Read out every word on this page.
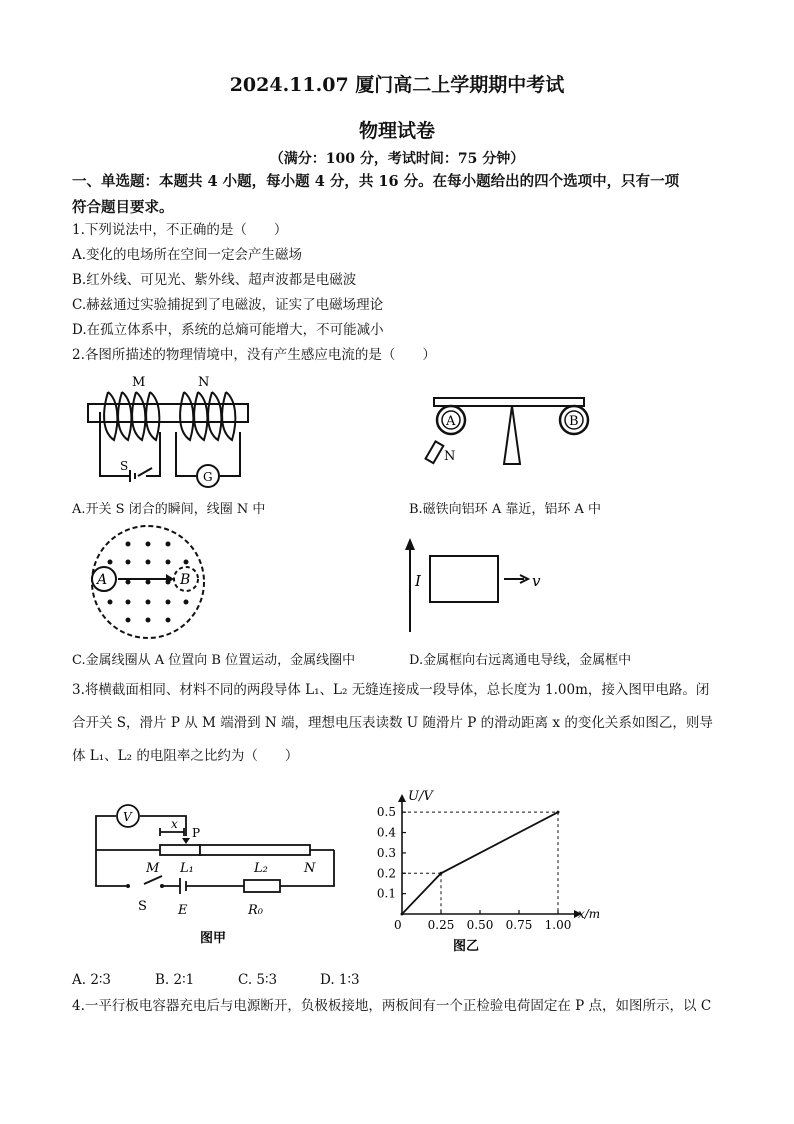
2024.11.07 厦门高二上学期期中考试
物理试卷
（满分：100 分，考试时间：75 分钟）
一、单选题：本题共 4 小题，每小题 4 分，共 16 分。在每小题给出的四个选项中，只有一项
符合题目要求。
1.下列说法中，不正确的是（　　）
A.变化的电场所在空间一定会产生磁场
B.红外线、可见光、紫外线、超声波都是电磁波
C.赫兹通过实验捕捉到了电磁波，证实了电磁场理论
D.在孤立体系中，系统的总熵可能增大，不可能减小
2.各图所描述的物理情境中，没有产生感应电流的是（　　）
M	N
S
G
A.开关 S 闭合的瞬间，线圈 N 中
A	B
N
B.磁铁向铝环 A 靠近，铝环 A 中
A	B
C.金属线圈从 A 位置向 B 位置运动，金属线圈中
I	v
D.金属框向右远离通电导线，金属框中
3.将横截面相同、材料不同的两段导体 L₁、L₂ 无缝连接成一段导体，总长度为 1.00m，接入图甲电路。闭
合开关 S，滑片 P 从 M 端滑到 N 端，理想电压表读数 U 随滑片 P 的滑动距离 x 的变化关系如图乙，则导
体 L₁、L₂ 的电阻率之比约为（　　）
V	x
P
M L₁	L₂	N
S E	R₀
图甲
U/V
x/m
0 0.25 0.50 0.75 1.00
0.1
0.2
0.3
0.4
0.5
图乙
A. 2∶3	B. 2∶1	C. 5∶3	D. 1∶3
4.一平行板电容器充电后与电源断开，负极板接地，两板间有一个正检验电荷固定在 P 点，如图所示，以 C
